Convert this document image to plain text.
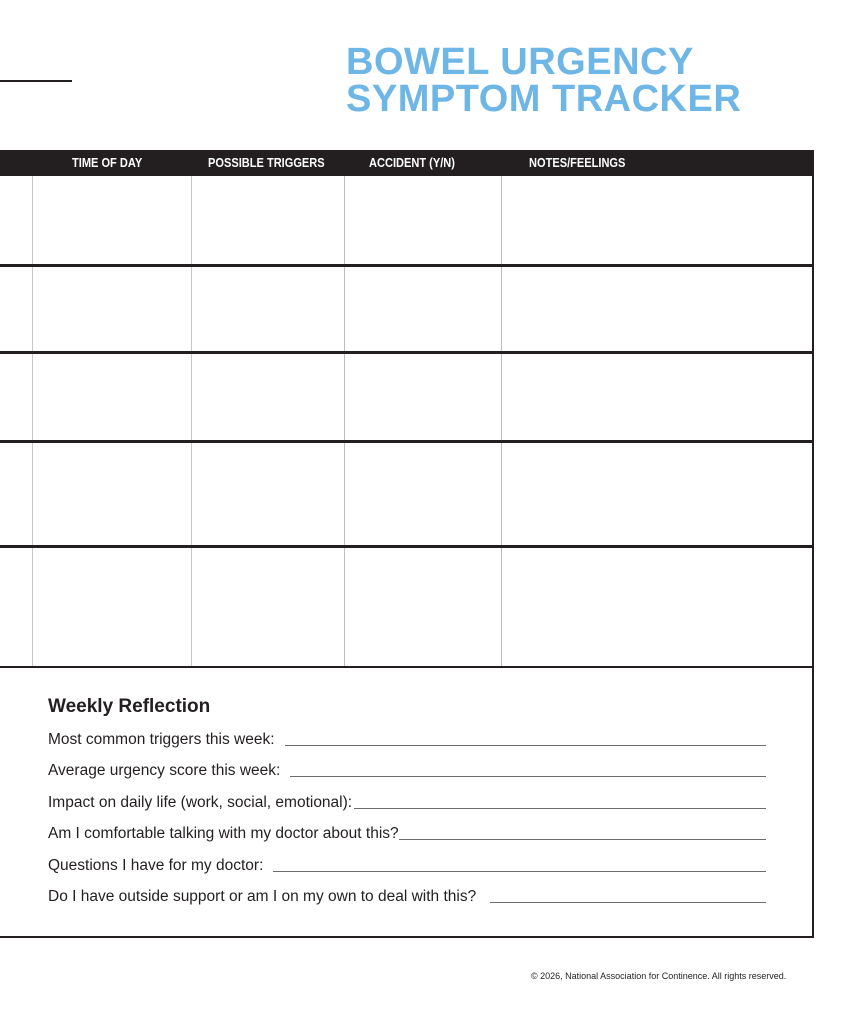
BOWEL URGENCY
SYMPTOM TRACKER
TIME OF DAY	POSSIBLE TRIGGERS	ACCIDENT (Y/N)	NOTES/FEELINGS
Weekly Reflection
Most common triggers this week:
Average urgency score this week:
Impact on daily life (work, social, emotional):
Am I comfortable talking with my doctor about this?
Questions I have for my doctor:
Do I have outside support or am I on my own to deal with this?
© 2026, National Association for Continence. All rights reserved.
